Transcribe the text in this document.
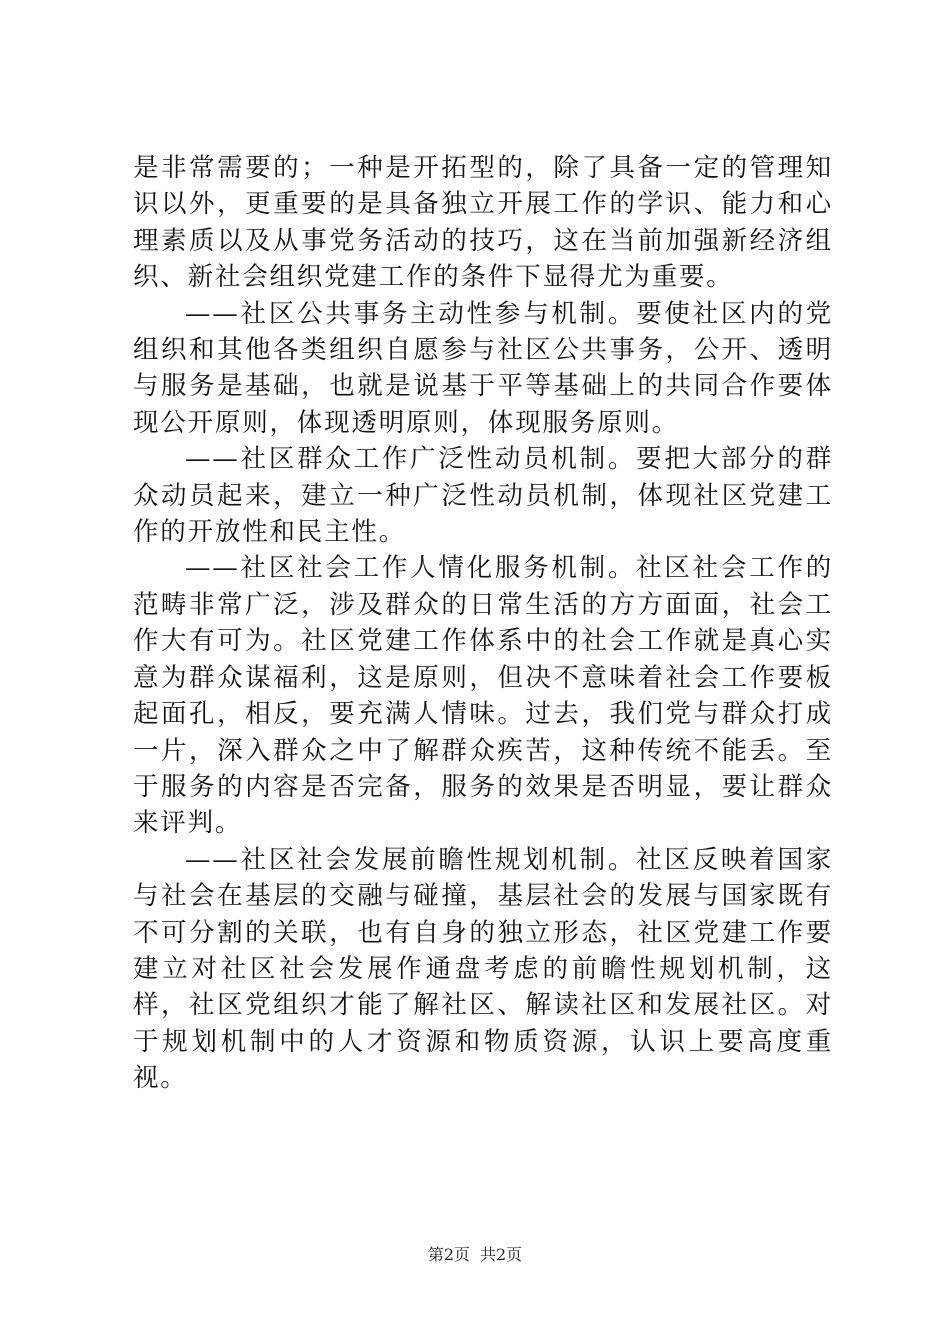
是非常需要的；一种是开拓型的，除了具备一定的管理知识以外，更重要的是具备独立开展工作的学识、能力和心理素质以及从事党务活动的技巧，这在当前加强新经济组织、新社会组织党建工作的条件下显得尤为重要。

——社区公共事务主动性参与机制。要使社区内的党组织和其他各类组织自愿参与社区公共事务，公开、透明与服务是基础，也就是说基于平等基础上的共同合作要体现公开原则，体现透明原则，体现服务原则。

——社区群众工作广泛性动员机制。要把大部分的群众动员起来，建立一种广泛性动员机制，体现社区党建工作的开放性和民主性。

——社区社会工作人情化服务机制。社区社会工作的范畴非常广泛，涉及群众的日常生活的方方面面，社会工作大有可为。社区党建工作体系中的社会工作就是真心实意为群众谋福利，这是原则，但决不意味着社会工作要板起面孔，相反，要充满人情味。过去，我们党与群众打成一片，深入群众之中了解群众疾苦，这种传统不能丢。至于服务的内容是否完备，服务的效果是否明显，要让群众来评判。

——社区社会发展前瞻性规划机制。社区反映着国家与社会在基层的交融与碰撞，基层社会的发展与国家既有不可分割的关联，也有自身的独立形态，社区党建工作要建立对社区社会发展作通盘考虑的前瞻性规划机制，这样，社区党组织才能了解社区、解读社区和发展社区。对于规划机制中的人才资源和物质资源，认识上要高度重视。

第2页 共2页
